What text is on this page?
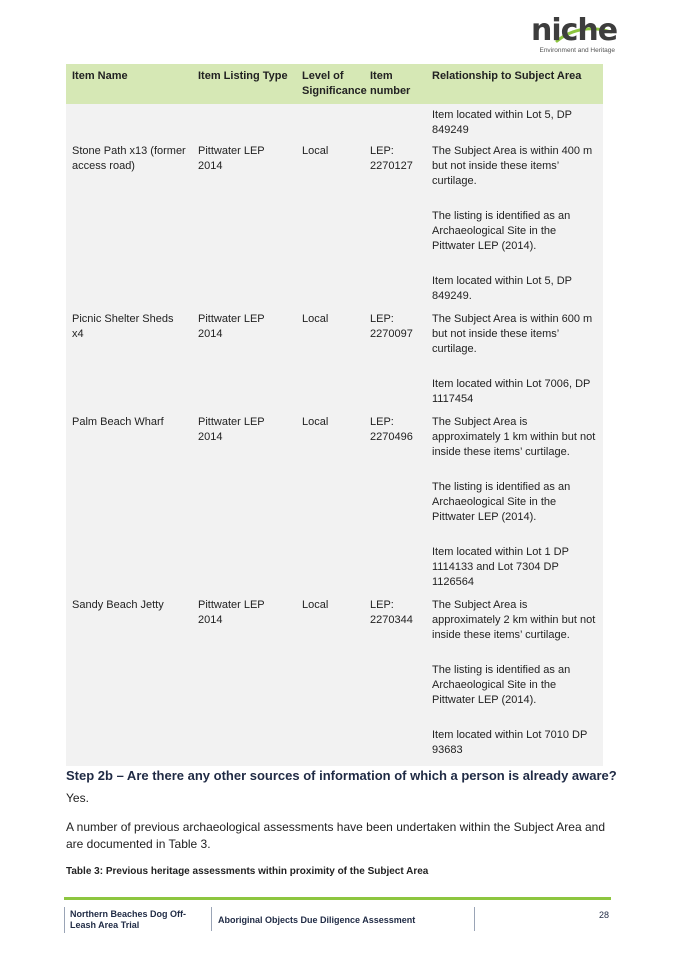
niche
Environment and Heritage
Item Name	Item Listing Type	Level of Significance	Item number	Relationship to Subject Area
				Item located within Lot 5, DP 849249
Stone Path x13 (former access road)	Pittwater LEP 2014	Local	LEP: 2270127	The Subject Area is within 400 m but not inside these items’ curtilage.

The listing is identified as an Archaeological Site in the Pittwater LEP (2014).

Item located within Lot 5, DP 849249.

Picnic Shelter Sheds x4	Pittwater LEP 2014	Local	LEP: 2270097	The Subject Area is within 600 m but not inside these items’ curtilage.

Item located within Lot 7006, DP 1117454

Palm Beach Wharf	Pittwater LEP 2014	Local	LEP: 2270496	The Subject Area is approximately 1 km within but not inside these items’ curtilage.

The listing is identified as an Archaeological Site in the Pittwater LEP (2014).

Item located within Lot 1 DP 1114133 and Lot 7304 DP 1126564

Sandy Beach Jetty	Pittwater LEP 2014	Local	LEP: 2270344	The Subject Area is approximately 2 km within but not inside these items’ curtilage.

The listing is identified as an Archaeological Site in the Pittwater LEP (2014).

Item located within Lot 7010 DP 93683

Step 2b – Are there any other sources of information of which a person is already aware?
Yes.
A number of previous archaeological assessments have been undertaken within the Subject Area and are documented in Table 3.
Table 3: Previous heritage assessments within proximity of the Subject Area
Northern Beaches Dog Off-Leash Area Trial	Aboriginal Objects Due Diligence Assessment	28
